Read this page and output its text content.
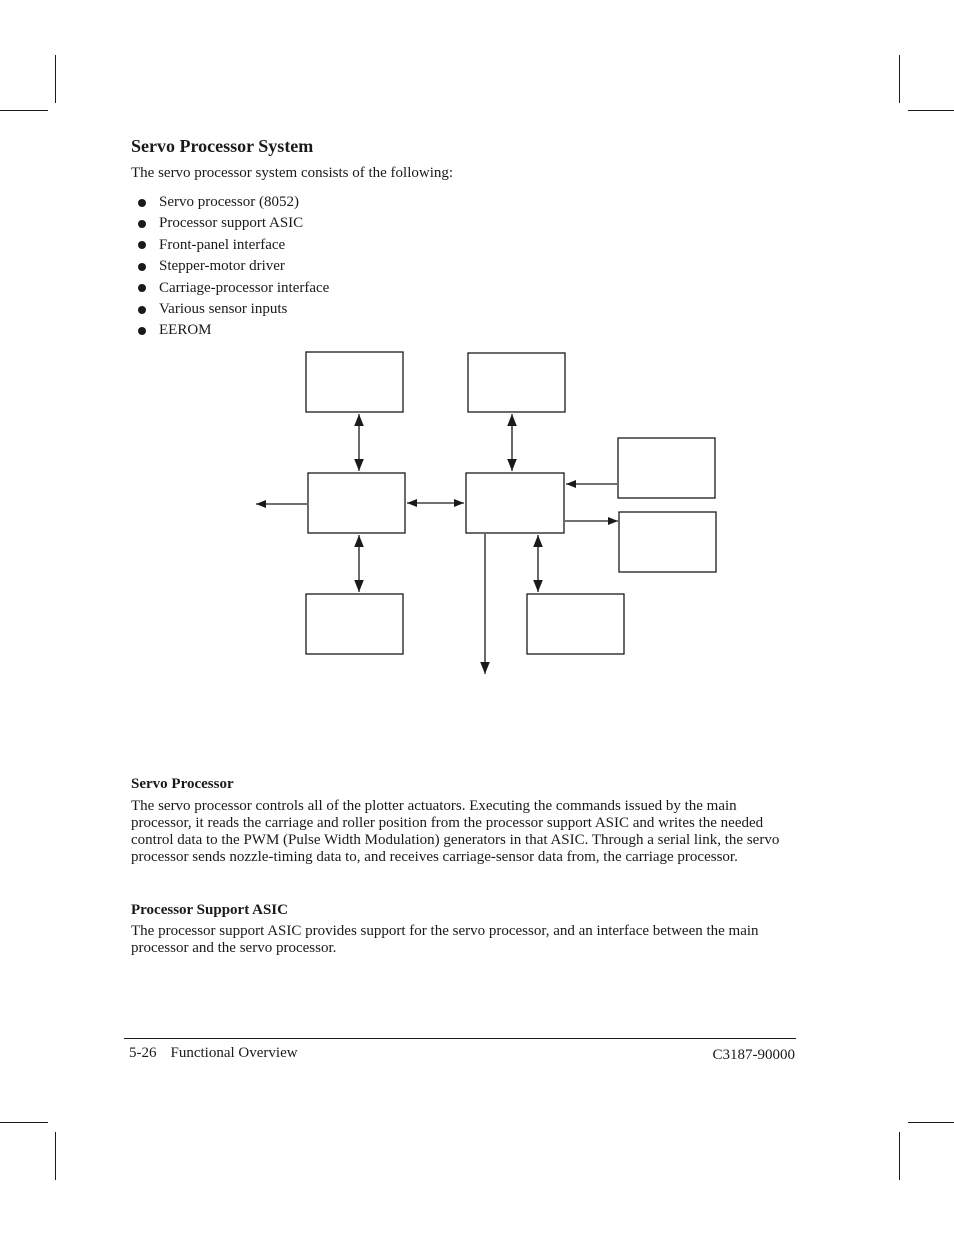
Servo Processor System

The servo processor system consists of the following:

Servo processor (8052)
Processor support ASIC
Front-panel interface
Stepper-motor driver
Carriage-processor interface
Various sensor inputs
EEROM
Servo Processor

The servo processor controls all of the plotter actuators. Executing the commands issued by the main processor, it reads the carriage and roller position from the processor support ASIC and writes the needed control data to the PWM (Pulse Width Modulation) generators in that ASIC. Through a serial link, the servo processor sends nozzle-timing data to, and receives carriage-sensor data from, the carriage processor.

Processor Support ASIC

The processor support ASIC provides support for the servo processor, and an interface between the main processor and the servo processor.

5-26 Functional Overview	C3187-90000
